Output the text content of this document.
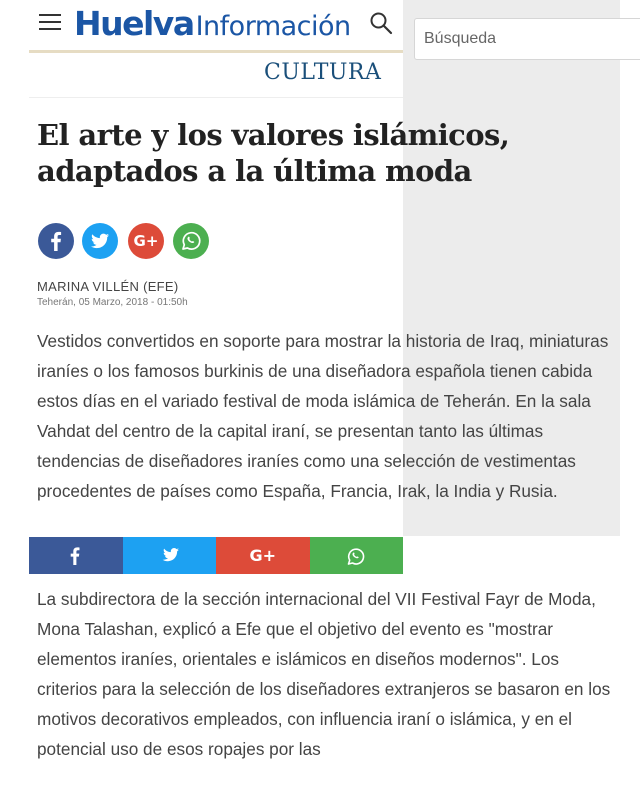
HuelvaInformación
Búsqueda
CULTURA
El arte y los valores islámicos, adaptados a la última moda
G+
MARINA VILLÉN (EFE)
Teherán, 05 Marzo, 2018 - 01:50h

Vestidos convertidos en soporte para mostrar la historia de Iraq, miniaturas iraníes o los famosos burkinis de una diseñadora española tienen cabida estos días en el variado festival de moda islámica de Teherán. En la sala Vahdat del centro de la capital iraní, se presentan tanto las últimas tendencias de diseñadores iraníes como una selección de vestimentas procedentes de países como España, Francia, Irak, la India y Rusia.

G+

La subdirectora de la sección internacional del VII Festival Fayr de Moda, Mona Talashan, explicó a Efe que el objetivo del evento es "mostrar elementos iraníes, orientales e islámicos en diseños modernos". Los criterios para la selección de los diseñadores extranjeros se basaron en los motivos decorativos empleados, con influencia iraní o islámica, y en el potencial uso de esos ropajes por las
